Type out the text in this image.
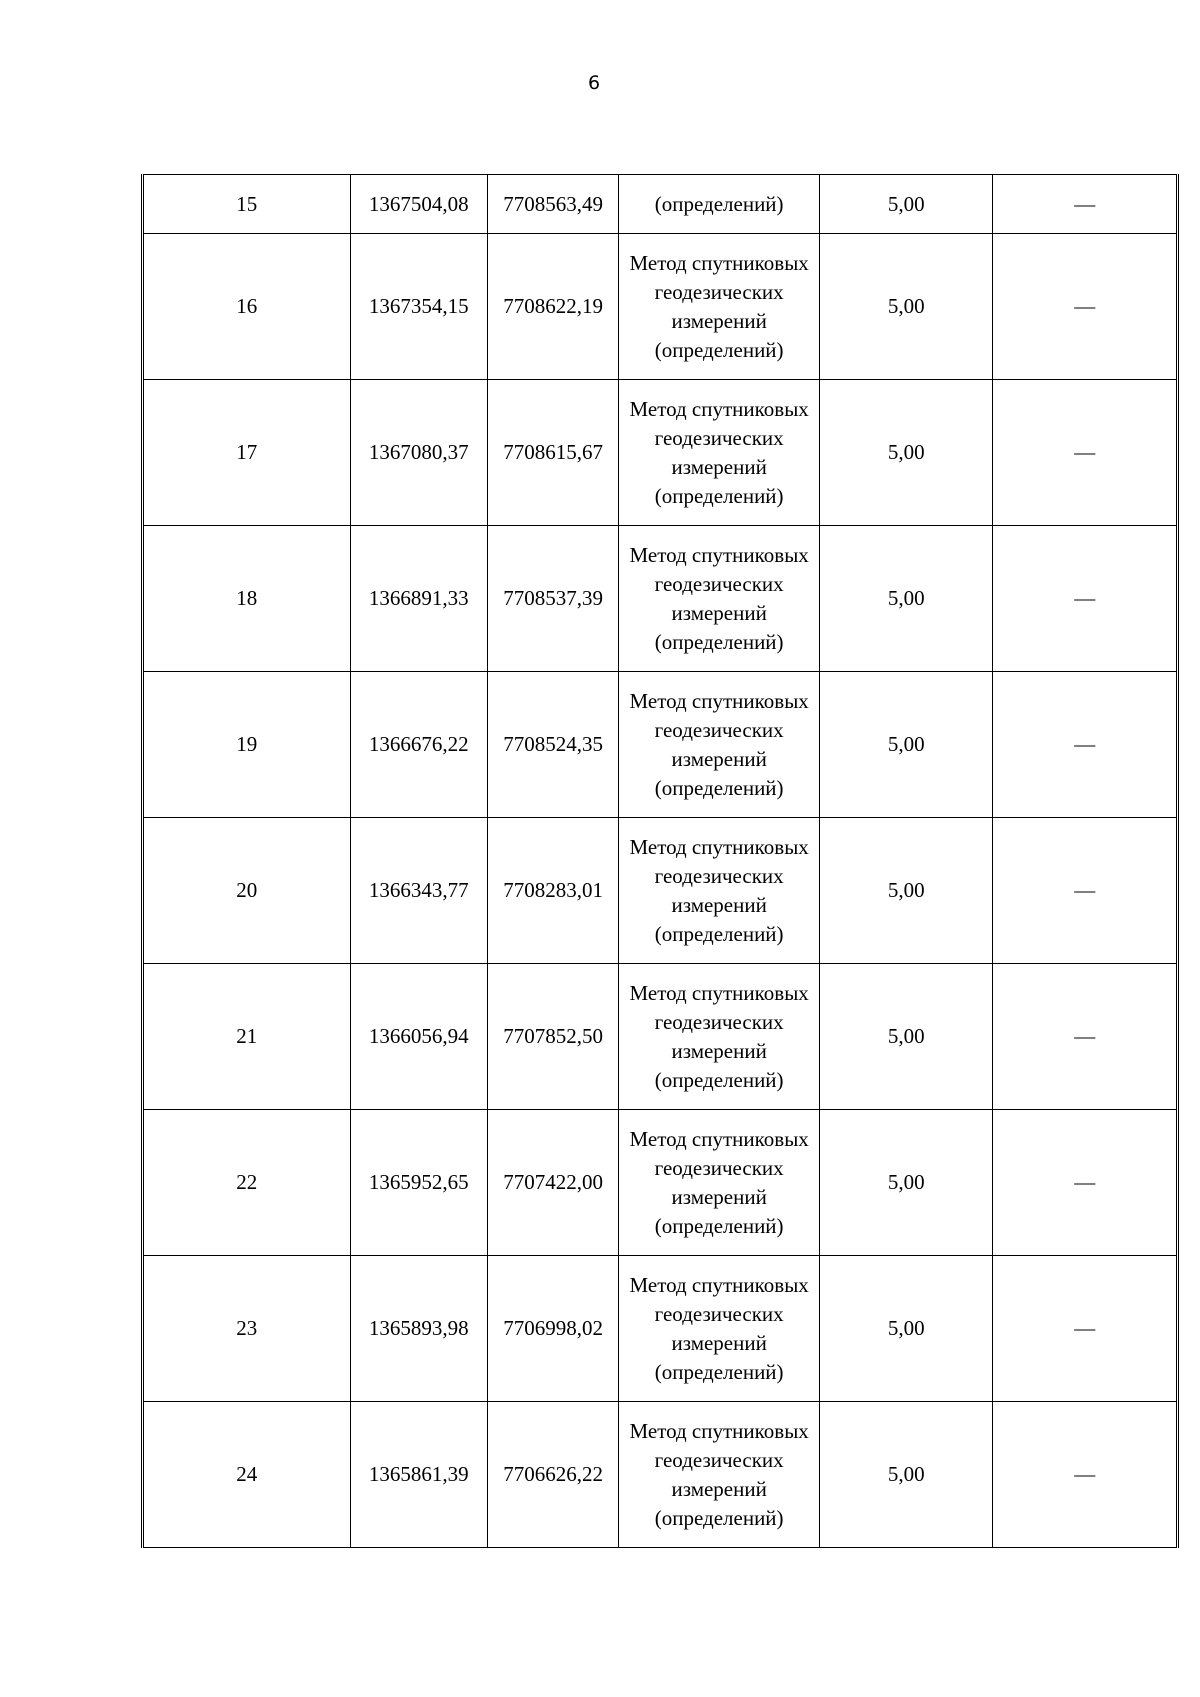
6
15	1367504,08	7708563,49	(определений)	5,00	—
16	1367354,15	7708622,19	Метод спутниковых
геодезических
измерений
(определений)	5,00	—
17	1367080,37	7708615,67	Метод спутниковых
геодезических
измерений
(определений)	5,00	—
18	1366891,33	7708537,39	Метод спутниковых
геодезических
измерений
(определений)	5,00	—
19	1366676,22	7708524,35	Метод спутниковых
геодезических
измерений
(определений)	5,00	—
20	1366343,77	7708283,01	Метод спутниковых
геодезических
измерений
(определений)	5,00	—
21	1366056,94	7707852,50	Метод спутниковых
геодезических
измерений
(определений)	5,00	—
22	1365952,65	7707422,00	Метод спутниковых
геодезических
измерений
(определений)	5,00	—
23	1365893,98	7706998,02	Метод спутниковых
геодезических
измерений
(определений)	5,00	—
24	1365861,39	7706626,22	Метод спутниковых
геодезических
измерений
(определений)	5,00	—
